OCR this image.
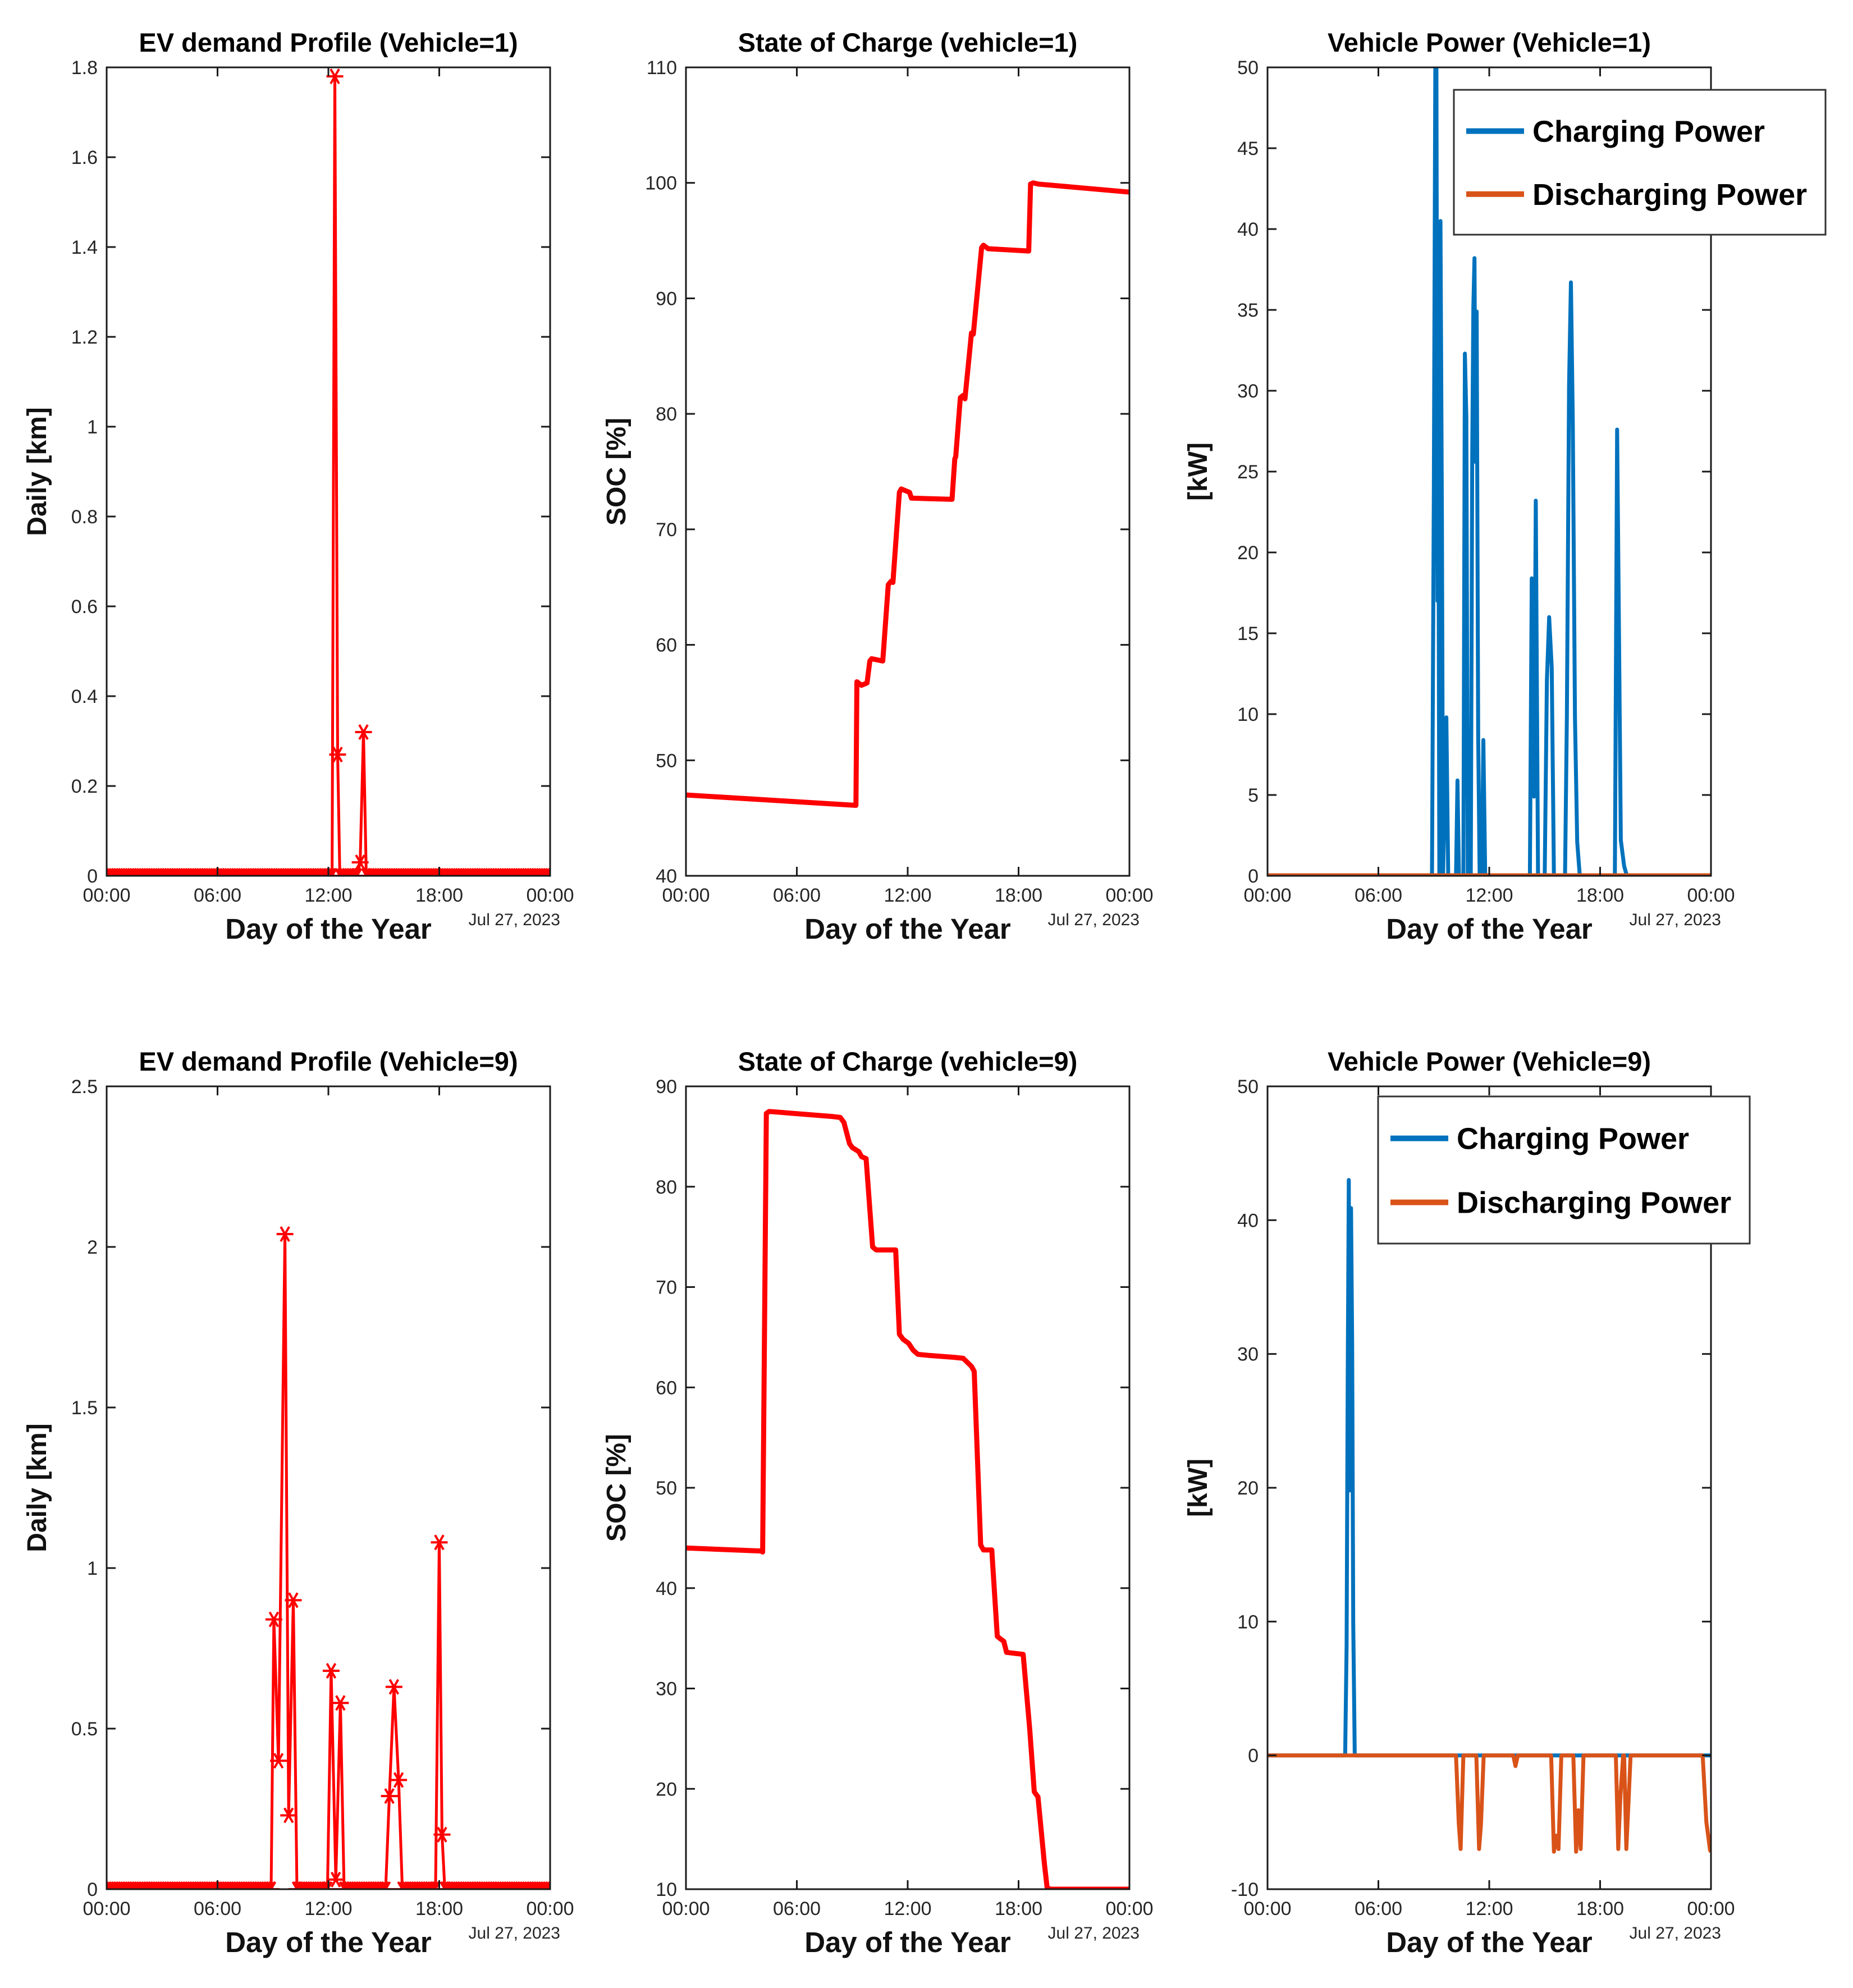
00:00	06:00	12:00	18:00	00:00
0
0.2
0.4
0.6
0.8
1
1.2
1.4
1.6
1.8
EV demand Profile (Vehicle=1)
Daily [km]
Day of the Year Jul 27, 2023
00:00	06:00	12:00	18:00	00:00
40
50
60
70
80
90
100
110
State of Charge (vehicle=1)
SOC [%]
Day of the Year Jul 27, 2023
00:00	06:00	12:00	18:00	00:00
0
5
10
15
20
25
30
35
40
45
50
Vehicle Power (Vehicle=1)
[kW]
Day of the Year Jul 27, 2023
Charging Power
Discharging Power
00:00	06:00	12:00	18:00	00:00
0
0.5
1
1.5
2
2.5
EV demand Profile (Vehicle=9)
Daily [km]
Day of the Year Jul 27, 2023
00:00	06:00	12:00	18:00	00:00
10
20
30
40
50
60
70
80
90
State of Charge (vehicle=9)
SOC [%]
Day of the Year Jul 27, 2023
00:00	06:00	12:00	18:00	00:00
-10
0
10
20
30
40
50
Vehicle Power (Vehicle=9)
[kW]
Day of the Year Jul 27, 2023
Charging Power
Discharging Power
